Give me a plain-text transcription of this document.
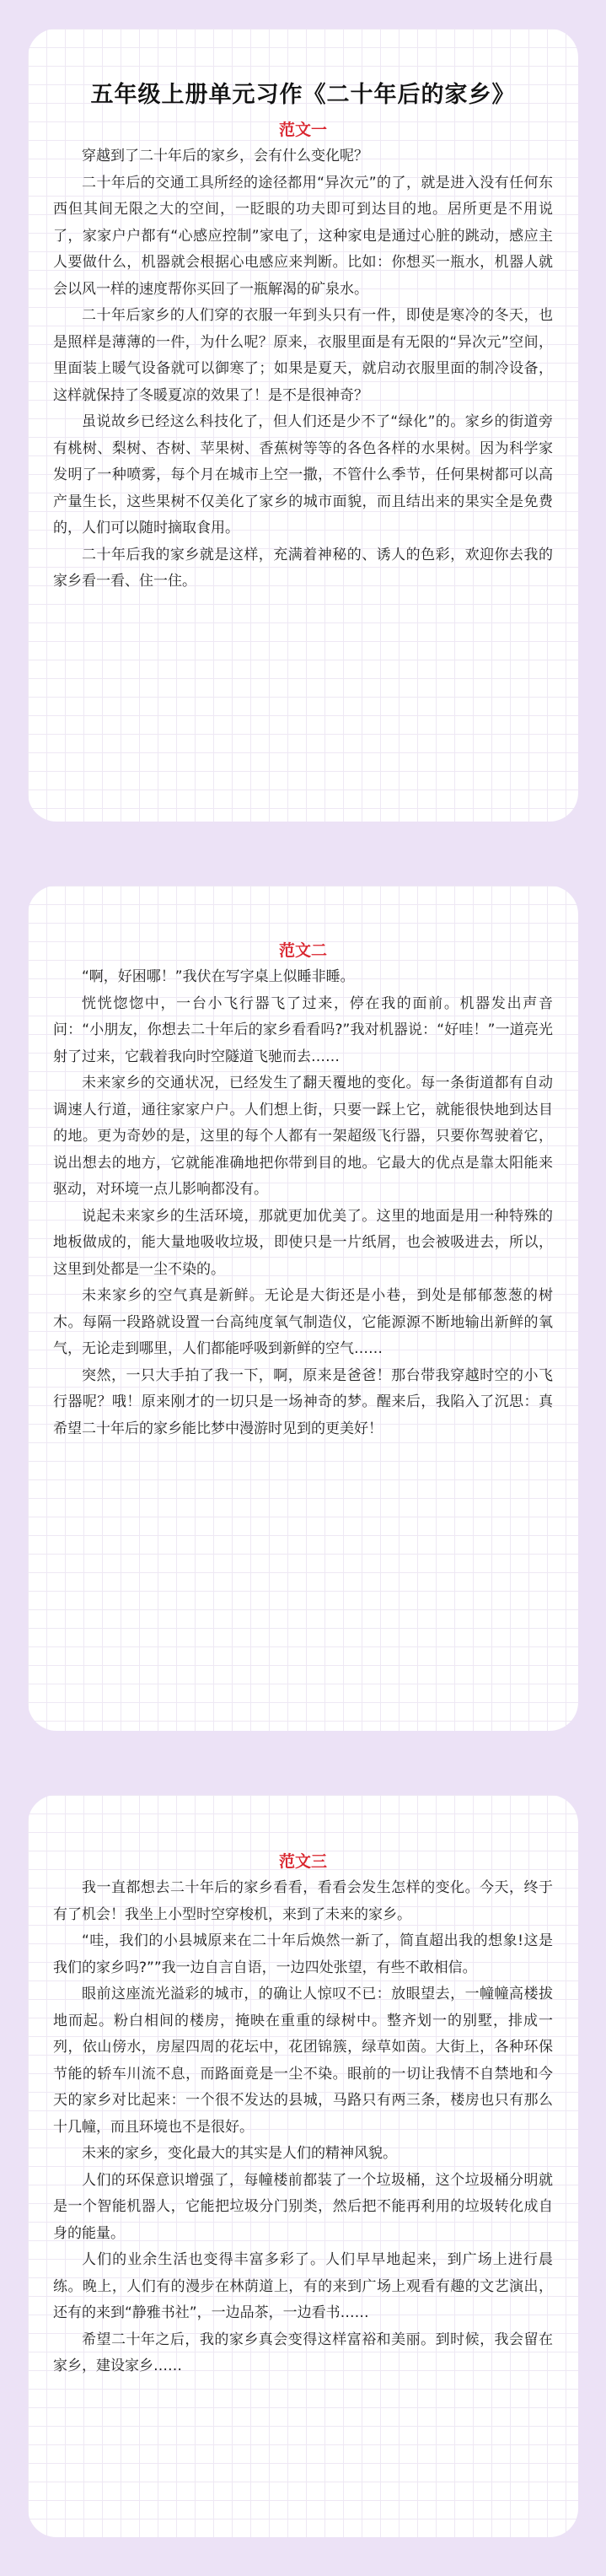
五年级上册单元习作《二十年后的家乡》
范文一

穿越到了二十年后的家乡，会有什么变化呢？

二十年后的交通工具所经的途径都用“异次元”的了，就是进入没有任何东西但其间无限之大的空间，一眨眼的功夫即可到达目的地。居所更是不用说了，家家户户都有“心感应控制”家电了，这种家电是通过心脏的跳动，感应主人要做什么，机器就会根据心电感应来判断。比如：你想买一瓶水，机器人就会以风一样的速度帮你买回了一瓶解渴的矿泉水。

二十年后家乡的人们穿的衣服一年到头只有一件，即使是寒冷的冬天，也是照样是薄薄的一件，为什么呢？原来，衣服里面是有无限的“异次元”空间，里面装上暖气设备就可以御寒了；如果是夏天，就启动衣服里面的制冷设备，这样就保持了冬暖夏凉的效果了！是不是很神奇？

虽说故乡已经这么科技化了，但人们还是少不了“绿化”的。家乡的街道旁有桃树、梨树、杏树、苹果树、香蕉树等等的各色各样的水果树。因为科学家发明了一种喷雾，每个月在城市上空一撒，不管什么季节，任何果树都可以高产量生长，这些果树不仅美化了家乡的城市面貌，而且结出来的果实全是免费的，人们可以随时摘取食用。

二十年后我的家乡就是这样，充满着神秘的、诱人的色彩，欢迎你去我的家乡看一看、住一住。

范文二

“啊，好困哪！”我伏在写字桌上似睡非睡。

恍恍惚惚中，一台小飞行器飞了过来，停在我的面前。机器发出声音问：“小朋友，你想去二十年后的家乡看看吗?”我对机器说：“好哇！”一道亮光射了过来，它载着我向时空隧道飞驰而去……

未来家乡的交通状况，已经发生了翻天覆地的变化。每一条街道都有自动调速人行道，通往家家户户。人们想上街，只要一踩上它，就能很快地到达目的地。更为奇妙的是，这里的每个人都有一架超级飞行器，只要你驾驶着它，说出想去的地方，它就能准确地把你带到目的地。它最大的优点是靠太阳能来驱动，对环境一点儿影响都没有。

说起未来家乡的生活环境，那就更加优美了。这里的地面是用一种特殊的地板做成的，能大量地吸收垃圾，即使只是一片纸屑，也会被吸进去，所以，这里到处都是一尘不染的。

未来家乡的空气真是新鲜。无论是大街还是小巷，到处是郁郁葱葱的树木。每隔一段路就设置一台高纯度氧气制造仪，它能源源不断地输出新鲜的氧气，无论走到哪里，人们都能呼吸到新鲜的空气……

突然，一只大手拍了我一下，啊，原来是爸爸！那台带我穿越时空的小飞行器呢？哦！原来刚才的一切只是一场神奇的梦。醒来后，我陷入了沉思：真希望二十年后的家乡能比梦中漫游时见到的更美好！

范文三

我一直都想去二十年后的家乡看看，看看会发生怎样的变化。今天，终于有了机会！我坐上小型时空穿梭机，来到了未来的家乡。

“哇，我们的小县城原来在二十年后焕然一新了，简直超出我的想象!这是我们的家乡吗?””我一边自言自语，一边四处张望，有些不敢相信。

眼前这座流光溢彩的城市，的确让人惊叹不已：放眼望去，一幢幢高楼拔地而起。粉白相间的楼房，掩映在重重的绿树中。整齐划一的别墅，排成一列，依山傍水，房屋四周的花坛中，花团锦簇，绿草如茵。大街上，各种环保节能的轿车川流不息，而路面竟是一尘不染。眼前的一切让我情不自禁地和今天的家乡对比起来：一个很不发达的县城，马路只有两三条，楼房也只有那么十几幢，而且环境也不是很好。

未来的家乡，变化最大的其实是人们的精神风貌。

人们的环保意识增强了，每幢楼前都装了一个垃圾桶，这个垃圾桶分明就是一个智能机器人，它能把垃圾分门别类，然后把不能再利用的垃圾转化成自身的能量。

人们的业余生活也变得丰富多彩了。人们早早地起来，到广场上进行晨练。晚上，人们有的漫步在林荫道上，有的来到广场上观看有趣的文艺演出，还有的来到“静雅书社”，一边品茶，一边看书……

希望二十年之后，我的家乡真会变得这样富裕和美丽。到时候，我会留在家乡，建设家乡……
